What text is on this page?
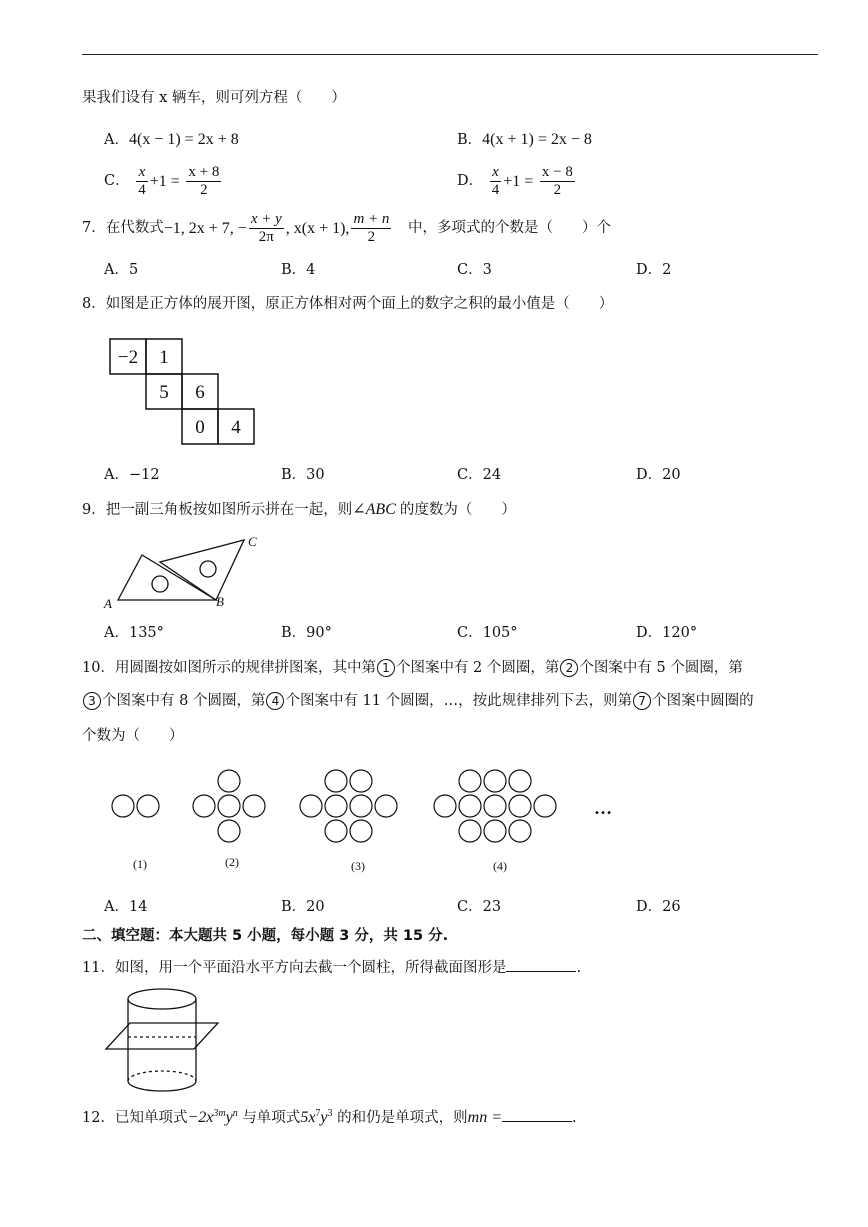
果我们设有 x 辆车，则可列方程（　　）
A．4(x − 1) = 2x + 8	B．4(x + 1) = 2x − 8
C． $\frac{x}{4} +1 = \frac{x + 8}{2}$	D． $\frac{x}{4} +1 = \frac{x - 8}{2}$
7．在代数式−1, 2x + 7, − $\frac{x + y}{2\pi}$ , x(x + 1), $\frac{m + n}{2}$ 中，多项式的个数是（　　）个
A．5	B．4	C．3	D．2
8．如图是正方体的展开图，原正方体相对两个面上的数字之积的最小值是（　　）
−2 1
5 6
0 4
A．−12	B．30	C．24	D．20
9．把一副三角板按如图所示拼在一起，则∠ABC 的度数为（　　）
A	B
C
A．135°	B．90°	C．105°	D．120°
10．用圆圈按如图所示的规律拼图案，其中第 1 个图案中有 2 个圆圈，第 2 个图案中有 5 个圆圈，第
3 个图案中有 8 个圆圈，第 4 个图案中有 11 个圆圈，…，按此规律排列下去，则第 7 个图案中圆圈的
个数为（　　）
(1)	(2)	(3)	(4)
…
A．14	B．20	C．23	D．26
二、填空题：本大题共 5 小题，每小题 3 分，共 15 分.
11．如图，用一个平面沿水平方向去截一个圆柱，所得截面图形是	.
12．已知单项式$-2x^{3m}y^n$ 与单项式$5x^7y^3$ 的和仍是单项式，则mn =	.
